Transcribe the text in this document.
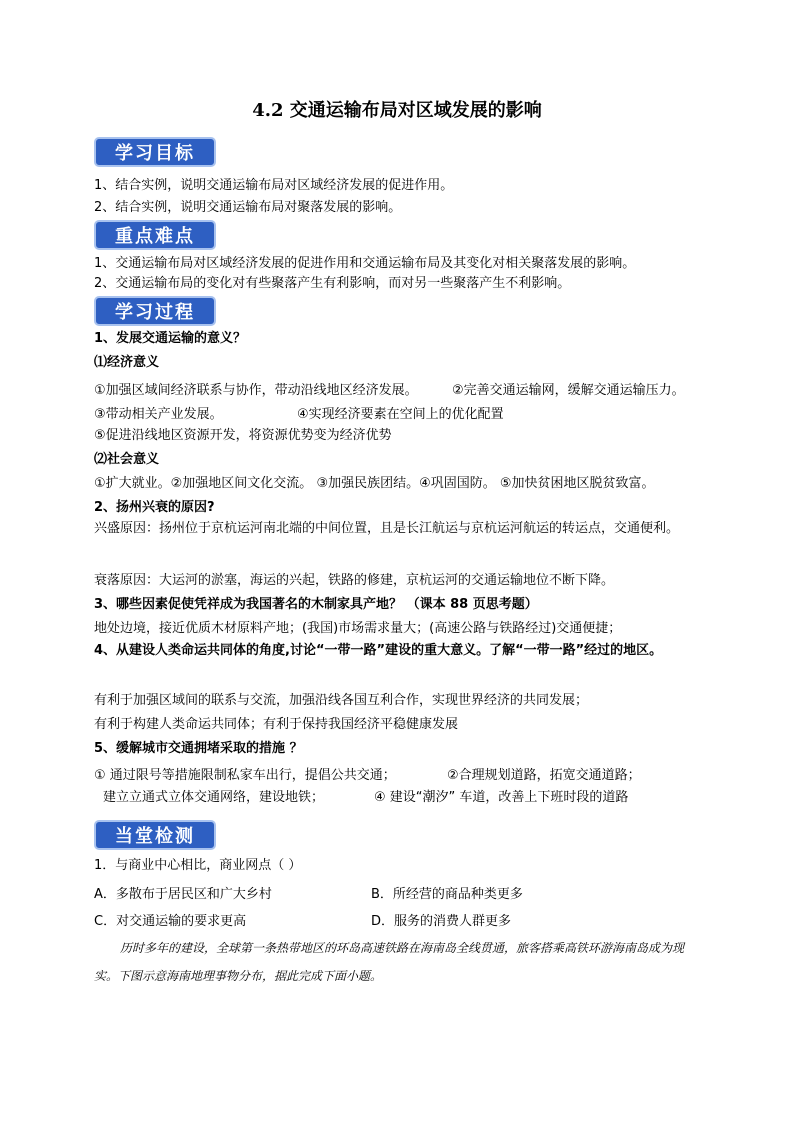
4.2 交通运输布局对区域发展的影响
学习目标
1、结合实例，说明交通运输布局对区域经济发展的促进作用。
2、结合实例，说明交通运输布局对聚落发展的影响。
重点难点
1、交通运输布局对区域经济发展的促进作用和交通运输布局及其变化对相关聚落发展的影响。
2、交通运输布局的变化对有些聚落产生有利影响，而对另一些聚落产生不利影响。
学习过程
1、发展交通运输的意义？
⑴经济意义
①加强区域间经济联系与协作，带动沿线地区经济发展。	②完善交通运输网，缓解交通运输压力。
③带动相关产业发展。	④实现经济要素在空间上的优化配置
⑤促进沿线地区资源开发，将资源优势变为经济优势
⑵社会意义
①扩大就业。②加强地区间文化交流。 ③加强民族团结。④巩固国防。 ⑤加快贫困地区脱贫致富。
2、扬州兴衰的原因?
兴盛原因：扬州位于京杭运河南北端的中间位置，且是长江航运与京杭运河航运的转运点，交通便利。
衰落原因：大运河的淤塞，海运的兴起，铁路的修建，京杭运河的交通运输地位不断下降。
3、哪些因素促使凭祥成为我国著名的木制家具产地？ （课本 88 页思考题）
地处边境，接近优质木材原料产地；(我国)市场需求量大；(高速公路与铁路经过)交通便捷；
4、从建设人类命运共同体的角度,讨论“一带一路”建设的重大意义。了解“一带一路”经过的地区。
有利于加强区域间的联系与交流，加强沿线各国互利合作，实现世界经济的共同发展；
有利于构建人类命运共同体；有利于保持我国经济平稳健康发展
5、缓解城市交通拥堵采取的措施 ？
① 通过限号等措施限制私家车出行，提倡公共交通；	②合理规划道路，拓宽交通道路；
建立立通式立体交通网络，建设地铁；	④ 建设“潮汐” 车道，改善上下班时段的道路
当堂检测
1．与商业中心相比，商业网点（ ）
A．多散布于居民区和广大乡村	B．所经营的商品种类更多
C．对交通运输的要求更高	D．服务的消费人群更多
历时多年的建设，全球第一条热带地区的环岛高速铁路在海南岛全线贯通，旅客搭乘高铁环游海南岛成为现实。下图示意海南地理事物分布，据此完成下面小题。
